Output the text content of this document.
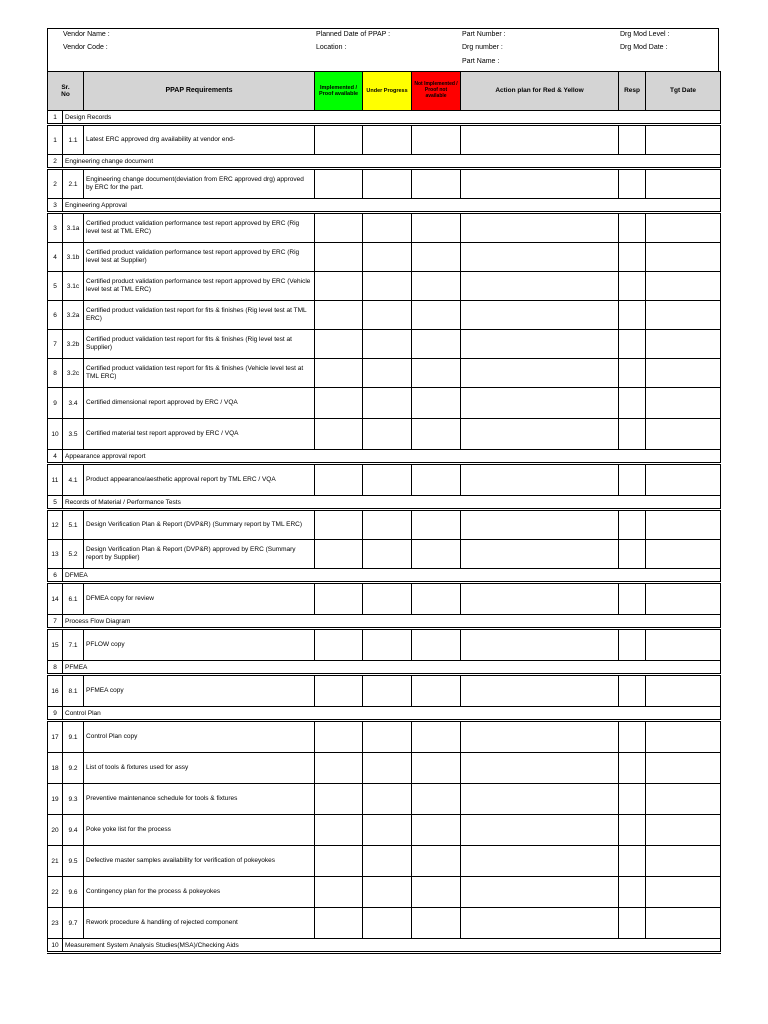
Vendor Name :
Vendor Code :
Planned Date of PPAP :
Location :
Part Number :
Drg number :
Part Name :
Drg Mod Level :
Drg Mod Date :
Sr.
No		PPAP Requirements	Implemented / Proof available	Under Progress	Not Implemented / Proof not available	Action plan for Red & Yellow	Resp	Tgt Date
1	Design Records							
1	1.1	Latest ERC approved drg availability at vendor end-						
2	Engineering change document							
2	2.1	Engineering change document(deviation from ERC approved drg) approved by ERC for the part.						
3	Engineering Approval							
3	3.1a	Certified product validation performance test report approved by ERC (Rig level test at TML ERC)						
4	3.1b	Certified product validation performance test report approved by ERC (Rig level test at Supplier)						
5	3.1c	Certified product validation performance test report approved by ERC (Vehicle level test at TML ERC)						
6	3.2a	Certified product validation test report for fits & finishes (Rig level test at TML ERC)						
7	3.2b	Certified product validation test report for fits & finishes (Rig level test at Supplier)						
8	3.2c	Certified product validation test report for fits & finishes (Vehicle level test at TML ERC)						
9	3.4	Certified dimensional report approved by ERC / VQA						
10	3.5	Certified material test report approved by ERC / VQA						
4	Appearance approval report							
11	4.1	Product appearance/aesthetic approval report by TML ERC / VQA						
5	Records of Material / Performance Tests							
12	5.1	Design Verification Plan & Report (DVP&R) (Summary report by TML ERC)						
13	5.2	Design Verification Plan & Report (DVP&R) approved by ERC (Summary report by Supplier)						
6	DFMEA							
14	6.1	DFMEA copy for review						
7	Process Flow Diagram							
15	7.1	PFLOW copy						
8	PFMEA							
16	8.1	PFMEA copy						
9	Control Plan							
17	9.1	Control Plan copy						
18	9.2	List of tools & fixtures used for assy						
19	9.3	Preventive maintenance schedule for tools & fixtures						
20	9.4	Poke yoke list for the process						
21	9.5	Defective master samples availability for verification of pokeyokes						
22	9.6	Contingency plan for the process & pokeyokes						
23	9.7	Rework procedure & handling of rejected component						
10	Measurement System Analysis Studies(MSA)/Checking Aids							
